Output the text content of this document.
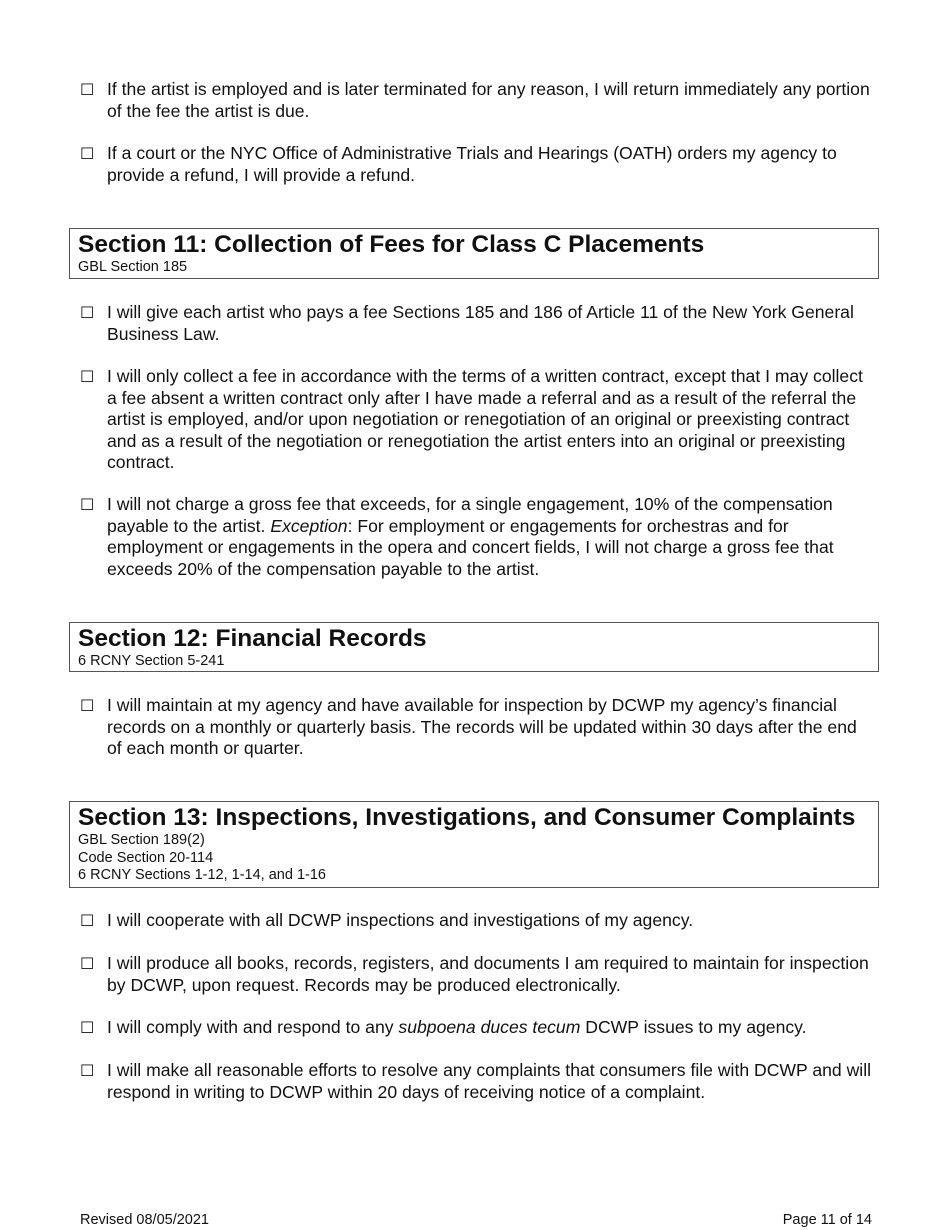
☐ If the artist is employed and is later terminated for any reason, I will return immediately any portion of the fee the artist is due.
☐ If a court or the NYC Office of Administrative Trials and Hearings (OATH) orders my agency to provide a refund, I will provide a refund.
Section 11: Collection of Fees for Class C Placements
GBL Section 185
☐ I will give each artist who pays a fee Sections 185 and 186 of Article 11 of the New York General Business Law.
☐ I will only collect a fee in accordance with the terms of a written contract, except that I may collect a fee absent a written contract only after I have made a referral and as a result of the referral the artist is employed, and/or upon negotiation or renegotiation of an original or preexisting contract and as a result of the negotiation or renegotiation the artist enters into an original or preexisting contract.
☐ I will not charge a gross fee that exceeds, for a single engagement, 10% of the compensation payable to the artist. Exception: For employment or engagements for orchestras and for employment or engagements in the opera and concert fields, I will not charge a gross fee that exceeds 20% of the compensation payable to the artist.
Section 12: Financial Records
6 RCNY Section 5-241
☐ I will maintain at my agency and have available for inspection by DCWP my agency’s financial records on a monthly or quarterly basis. The records will be updated within 30 days after the end of each month or quarter.
Section 13: Inspections, Investigations, and Consumer Complaints
GBL Section 189(2)
Code Section 20-114
6 RCNY Sections 1-12, 1-14, and 1-16
☐ I will cooperate with all DCWP inspections and investigations of my agency.
☐ I will produce all books, records, registers, and documents I am required to maintain for inspection by DCWP, upon request. Records may be produced electronically.
☐ I will comply with and respond to any subpoena duces tecum DCWP issues to my agency.
☐ I will make all reasonable efforts to resolve any complaints that consumers file with DCWP and will respond in writing to DCWP within 20 days of receiving notice of a complaint.
Revised 08/05/2021	Page 11 of 14
